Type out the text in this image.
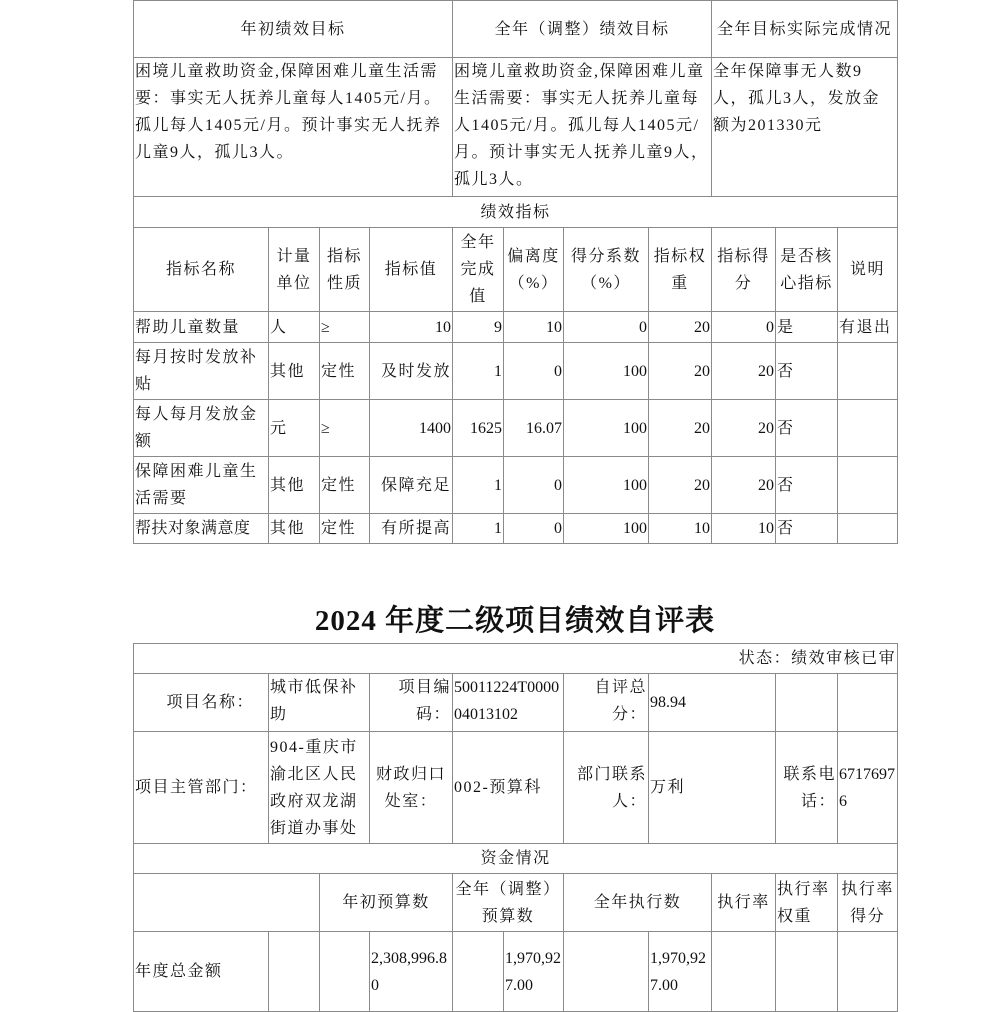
年初绩效目标				全年（调整）绩效目标				全年目标实际完成情况		
困境儿童救助资金,保障困难儿童生活需要：事实无人抚养儿童每人1405元/月。孤儿每人1405元/月。预计事实无人抚养儿童9人，孤儿3人。				困境儿童救助资金,保障困难儿童生活需要：事实无人抚养儿童每人1405元/月。孤儿每人1405元/月。预计事实无人抚养儿童9人，孤儿3人。				全年保障事无人数9人，孤儿3人，发放金额为201330元		
绩效指标										
指标名称	计量单位	指标性质	指标值	全年完成值	偏离度（%）	得分系数（%）	指标权重	指标得分	是否核心指标	说明
帮助儿童数量	人	≥	10	9	10	0	20	0	是	有退出
每月按时发放补贴	其他	定性	及时发放	1	0	100	20	20	否	
每人每月发放金额	元	≥	1400	1625	16.07	100	20	20	否	
保障困难儿童生活需要	其他	定性	保障充足	1	0	100	20	20	否	
帮扶对象满意度	其他	定性	有所提高	1	0	100	10	10	否	
2024 年度二级项目绩效自评表
状态：绩效审核已审										
项目名称：	城市低保补助		项目编码：	50011224T000004013102		自评总分：	98.94			
项目主管部门：	904-重庆市渝北区人民政府双龙湖街道办事处		财政归口处室：	002-预算科		部门联系人：	万利		联系电话：	67176976
资金情况										
		年初预算数		全年（调整）预算数		全年执行数		执行率	执行率权重	执行率得分
年度总金额			2,308,996.80		1,970,927.00		1,970,927.00			
